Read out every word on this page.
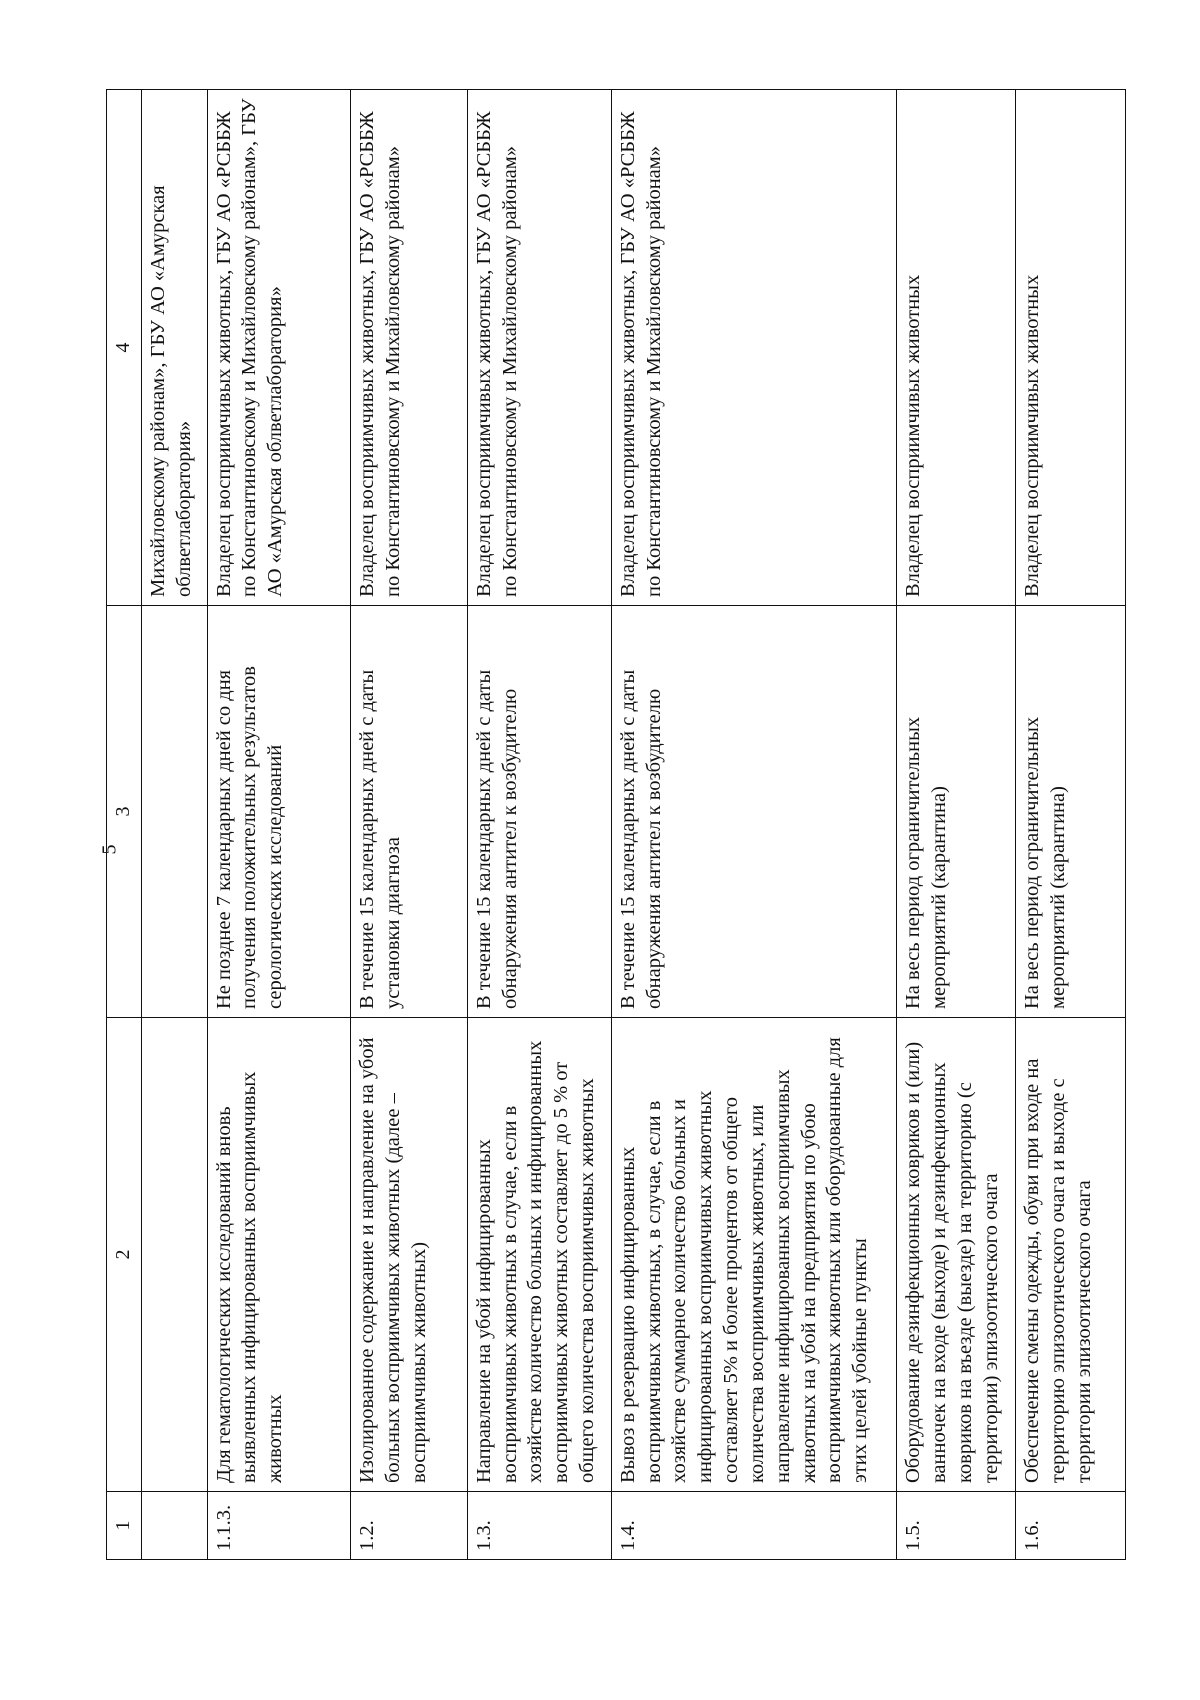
5
1	2	3	4
			Михайловскому районам», ГБУ АО «Амурская облветлаборатория»
1.1.3.	Для гематологических исследований вновь выявленных инфицированных восприимчивых животных	Не позднее 7 календарных дней со дня получения положительных результатов серологических исследований	Владелец восприимчивых животных, ГБУ АО «РСББЖ по Константиновскому и Михайловскому районам», ГБУ АО «Амурская облветлаборатория»
1.2.	Изолированное содержание и направление на убой больных восприимчивых животных (далее – восприимчивых животных)	В течение 15 календарных дней с даты установки диагноза	Владелец восприимчивых животных, ГБУ АО «РСББЖ по Константиновскому и Михайловскому районам»
1.3.	Направление на убой инфицированных восприимчивых животных в случае, если в хозяйстве количество больных и инфицированных восприимчивых животных составляет до 5 % от общего количества восприимчивых животных	В течение 15 календарных дней с даты обнаружения антител к возбудителю	Владелец восприимчивых животных, ГБУ АО «РСББЖ по Константиновскому и Михайловскому районам»
1.4.	Вывоз в резервацию инфицированных восприимчивых животных, в случае, если в хозяйстве суммарное количество больных и инфицированных восприимчивых животных составляет 5% и более процентов от общего количества восприимчивых животных, или направление инфицированных восприимчивых животных на убой на предприятия по убою восприимчивых животных или оборудованные для этих целей убойные пункты	В течение 15 календарных дней с даты обнаружения антител к возбудителю	Владелец восприимчивых животных, ГБУ АО «РСББЖ по Константиновскому и Михайловскому районам»
1.5.	Оборудование дезинфекционных ковриков и (или) ванночек на входе (выходе) и дезинфекционных ковриков на въезде (выезде) на территорию (с территории) эпизоотического очага	На весь период ограничительных мероприятий (карантина)	Владелец восприимчивых животных
1.6.	Обеспечение смены одежды, обуви при входе на территорию эпизоотического очага и выходе с территории эпизоотического очага	На весь период ограничительных мероприятий (карантина)	Владелец восприимчивых животных
